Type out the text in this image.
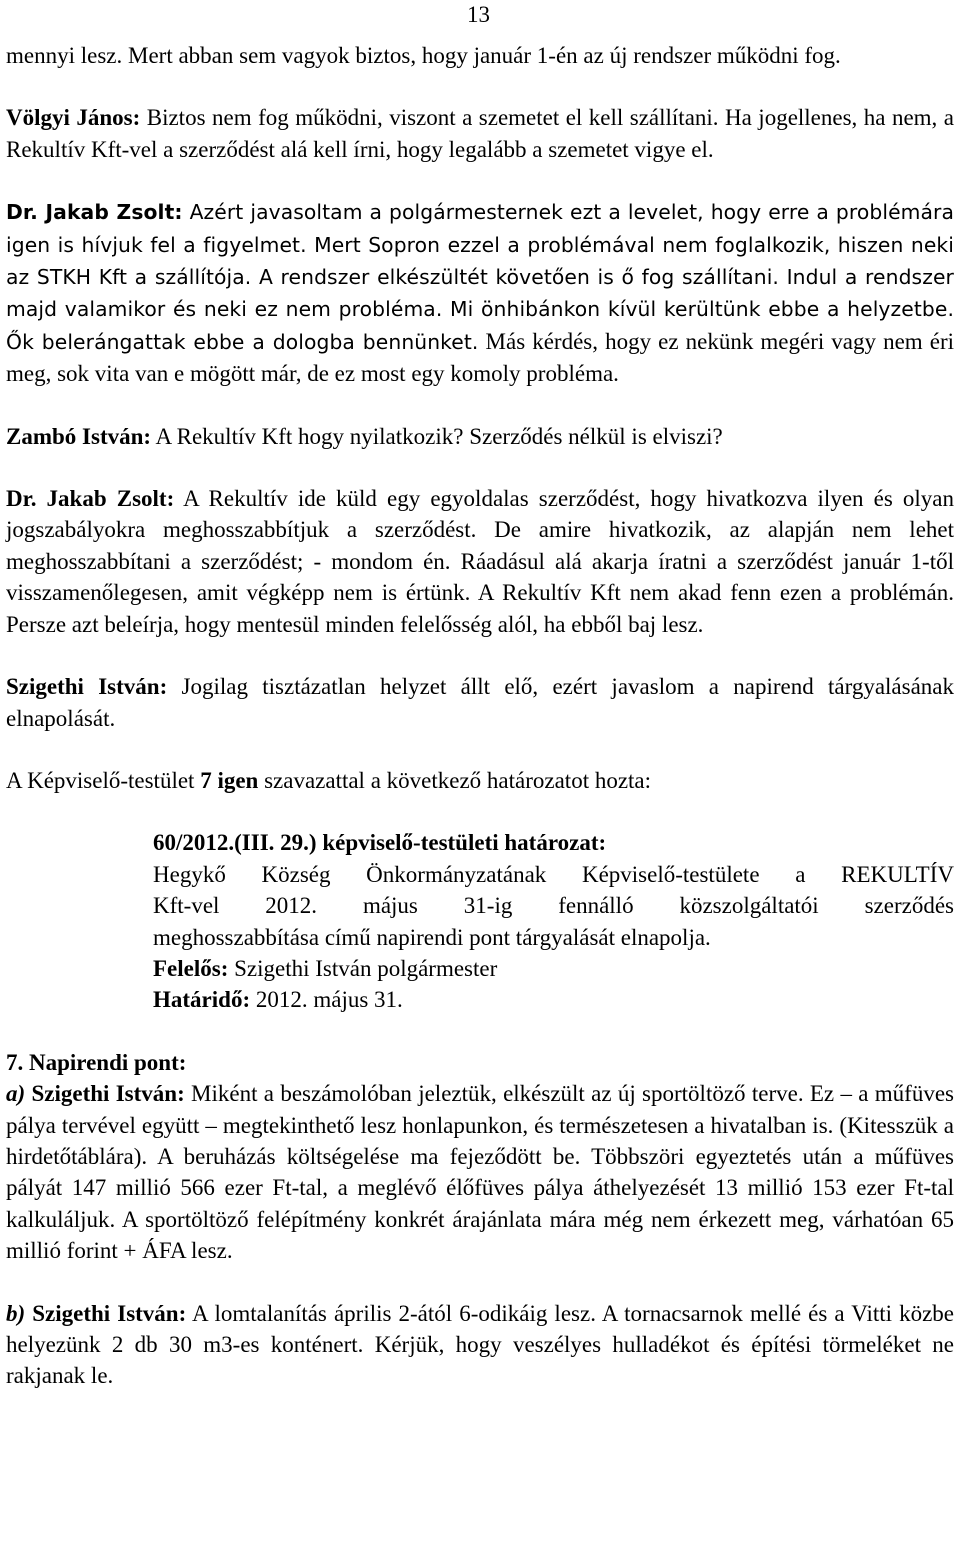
13

mennyi lesz. Mert abban sem vagyok biztos, hogy január 1-én az új rendszer működni fog.

Völgyi János: Biztos nem fog működni, viszont a szemetet el kell szállítani. Ha jogellenes, ha nem, a Rekultív Kft-vel a szerződést alá kell írni, hogy legalább a szemetet vigye el.

Dr. Jakab Zsolt: Azért javasoltam a polgármesternek ezt a levelet, hogy erre a problémára igen is hívjuk fel a figyelmet. Mert Sopron ezzel a problémával nem foglalkozik, hiszen neki az STKH Kft a szállítója. A rendszer elkészültét követően is ő fog szállítani. Indul a rendszer majd valamikor és neki ez nem probléma. Mi önhibánkon kívül kerültünk ebbe a helyzetbe. Ők belerángattak ebbe a dologba bennünket. Más kérdés, hogy ez nekünk megéri vagy nem éri meg, sok vita van e mögött már, de ez most egy komoly probléma.

Zambó István: A Rekultív Kft hogy nyilatkozik? Szerződés nélkül is elviszi?

Dr. Jakab Zsolt: A Rekultív ide küld egy egyoldalas szerződést, hogy hivatkozva ilyen és olyan jogszabályokra meghosszabbítjuk a szerződést. De amire hivatkozik, az alapján nem lehet meghosszabbítani a szerződést; - mondom én. Ráadásul alá akarja íratni a szerződést január 1-től visszamenőlegesen, amit végképp nem is értünk. A Rekultív Kft nem akad fenn ezen a problémán. Persze azt beleírja, hogy mentesül minden felelősség alól, ha ebből baj lesz.

Szigethi István: Jogilag tisztázatlan helyzet állt elő, ezért javaslom a napirend tárgyalásának elnapolását.

A Képviselő-testület 7 igen szavazattal a következő határozatot hozta:

60/2012.(III. 29.) képviselő-testületi határozat:
Hegykő Község Önkormányzatának Képviselő-testülete a REKULTÍV
Kft-vel 2012. május 31-ig fennálló közszolgáltatói szerződés
meghosszabbítása című napirendi pont tárgyalását elnapolja.
Felelős: Szigethi István polgármester
Határidő: 2012. május 31.

7. Napirendi pont:

a) Szigethi István: Miként a beszámolóban jeleztük, elkészült az új sportöltöző terve. Ez – a műfüves pálya tervével együtt – megtekinthető lesz honlapunkon, és természetesen a hivatalban is. (Kitesszük a hirdetőtáblára). A beruházás költségelése ma fejeződött be. Többszöri egyeztetés után a műfüves pályát 147 millió 566 ezer Ft-tal, a meglévő élőfüves pálya áthelyezését 13 millió 153 ezer Ft-tal kalkuláljuk. A sportöltöző felépítmény konkrét árajánlata mára még nem érkezett meg, várhatóan 65 millió forint + ÁFA lesz.

b) Szigethi István: A lomtalanítás április 2-ától 6-odikáig lesz. A tornacsarnok mellé és a Vitti közbe helyezünk 2 db 30 m3-es konténert. Kérjük, hogy veszélyes hulladékot és építési törmeléket ne rakjanak le.
